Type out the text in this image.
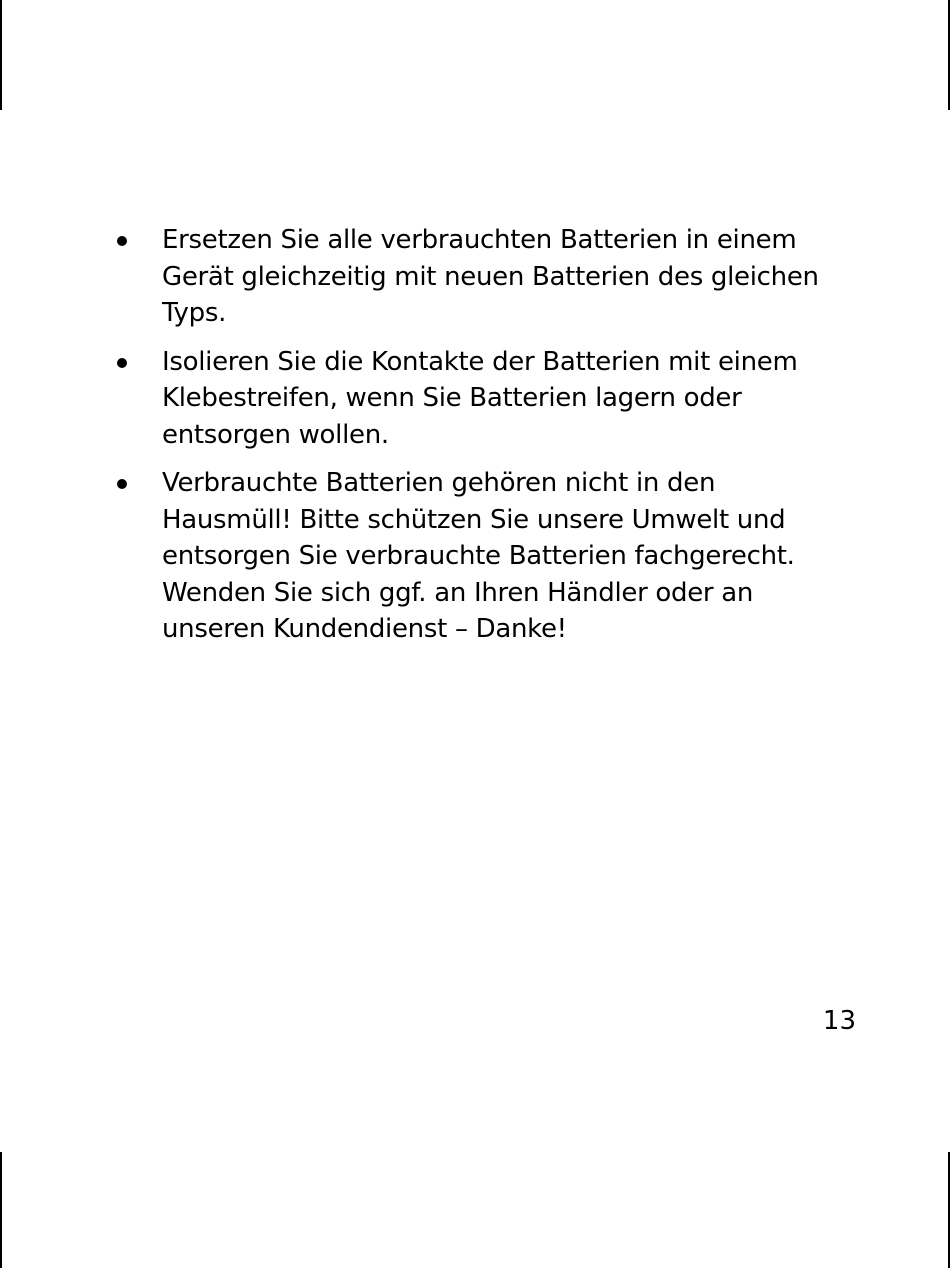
Ersetzen Sie alle verbrauchten Batterien in einem
Gerät gleichzeitig mit neuen Batterien des gleichen
Typs.
Isolieren Sie die Kontakte der Batterien mit einem
Klebestreifen, wenn Sie Batterien lagern oder
entsorgen wollen.
Verbrauchte Batterien gehören nicht in den
Hausmüll! Bitte schützen Sie unsere Umwelt und
entsorgen Sie verbrauchte Batterien fachgerecht.
Wenden Sie sich ggf. an Ihren Händler oder an
unseren Kundendienst – Danke!
13
